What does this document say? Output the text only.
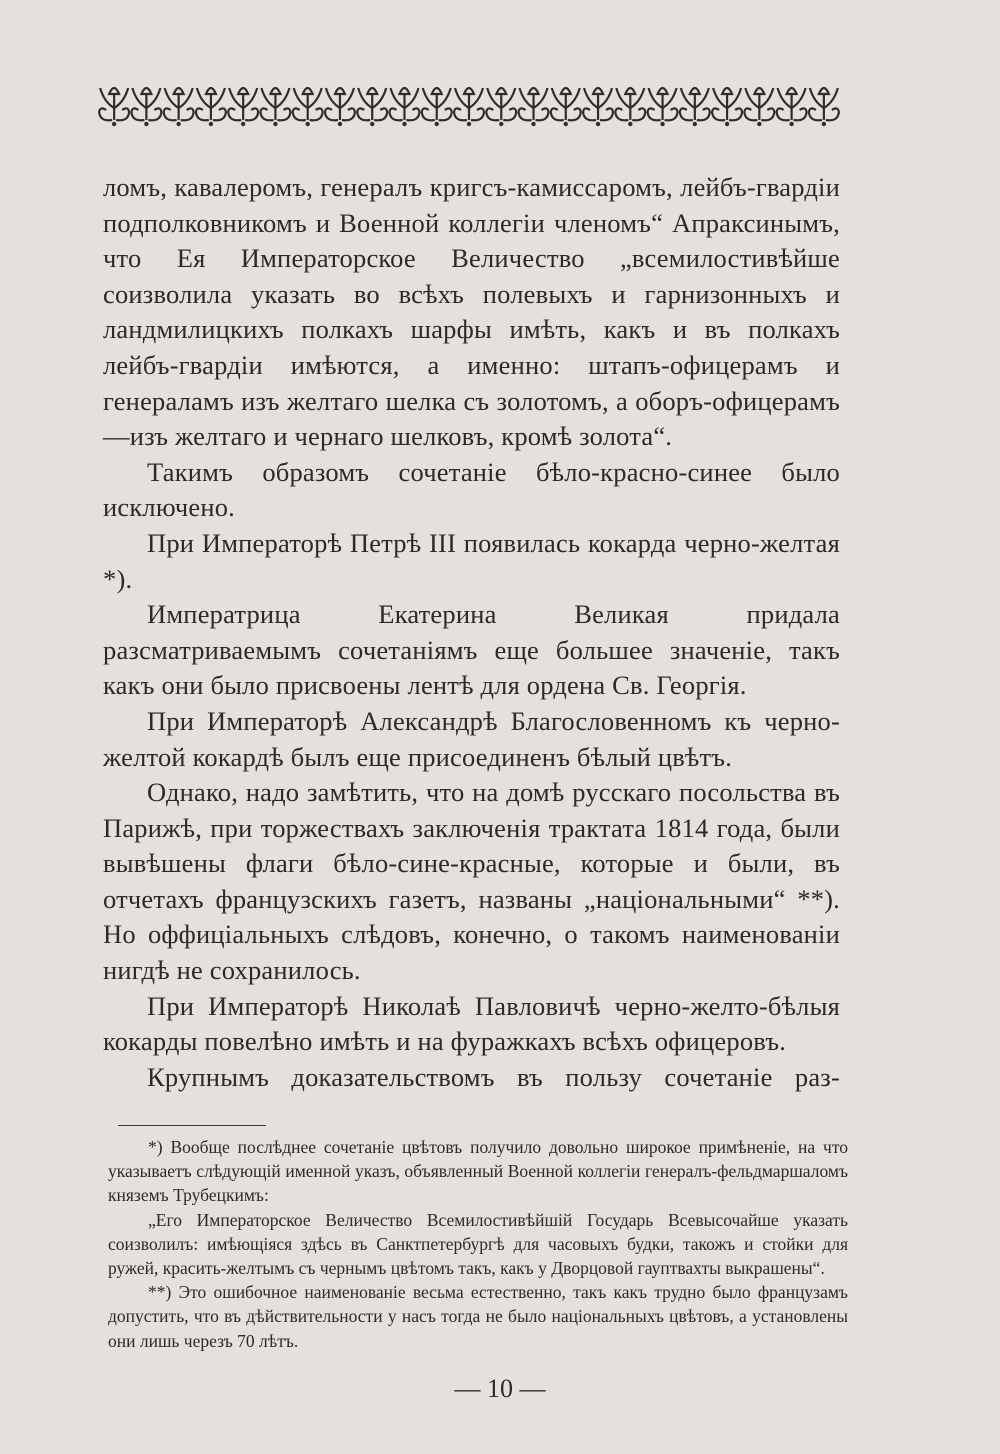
ломъ, кавалеромъ, генералъ кригсъ-камиссаромъ, лейбъ-гвардіи подполковникомъ и Военной коллегіи членомъ“ Апраксинымъ, что Ея Императорское Величество „всемилостивѣйше соизволила указать во всѣхъ полевыхъ и гарнизонныхъ и ландмилицкихъ полкахъ шарфы имѣть, какъ и въ полкахъ лейбъ-гвардіи имѣются, а именно: штапъ-офицерамъ и генераламъ изъ желтаго шелка съ золотомъ, а оборъ-офицерамъ—изъ желтаго и чернаго шелковъ, кромѣ золота“.

Такимъ образомъ сочетаніе бѣло-красно-синее было исключено.

При Императорѣ Петрѣ III появилась кокарда черно-желтая *).

Императрица Екатерина Великая придала разсматриваемымъ сочетаніямъ еще большее значеніе, такъ какъ они было присвоены лентѣ для ордена Св. Георгія.

При Императорѣ Александрѣ Благословенномъ къ черно-желтой кокардѣ былъ еще присоединенъ бѣлый цвѣтъ.

Однако, надо замѣтить, что на домѣ русскаго посольства въ Парижѣ, при торжествахъ заключенія трактата 1814 года, были вывѣшены флаги бѣло-сине-красные, которые и были, въ отчетахъ французскихъ газетъ, названы „національными“ **). Но оффиціальныхъ слѣдовъ, конечно, о такомъ наименованіи нигдѣ не сохранилось.

При Императорѣ Николаѣ Павловичѣ черно-желто-бѣлыя кокарды повелѣно имѣть и на фуражкахъ всѣхъ офицеровъ.

Крупнымъ доказательствомъ въ пользу сочетаніе раз-

*) Вообще послѣднее сочетаніе цвѣтовъ получило довольно широкое примѣненіе, на что указываетъ слѣдующій именной указъ, объявленный Военной коллегіи генералъ-фельдмаршаломъ княземъ Трубецкимъ:

„Его Императорское Величество Всемилостивѣйшій Государь Всевысочайше указать соизволилъ: имѣющіяся здѣсь въ Санктпетербургѣ для часовыхъ будки, такожъ и стойки для ружей, красить-желтымъ съ чернымъ цвѣтомъ такъ, какъ у Дворцовой гауптвахты выкрашены“.

**) Это ошибочное наименованіе весьма естественно, такъ какъ трудно было французамъ допустить, что въ дѣйствительности у насъ тогда не было національныхъ цвѣтовъ, а установлены они лишь черезъ 70 лѣтъ.

— 10 —
